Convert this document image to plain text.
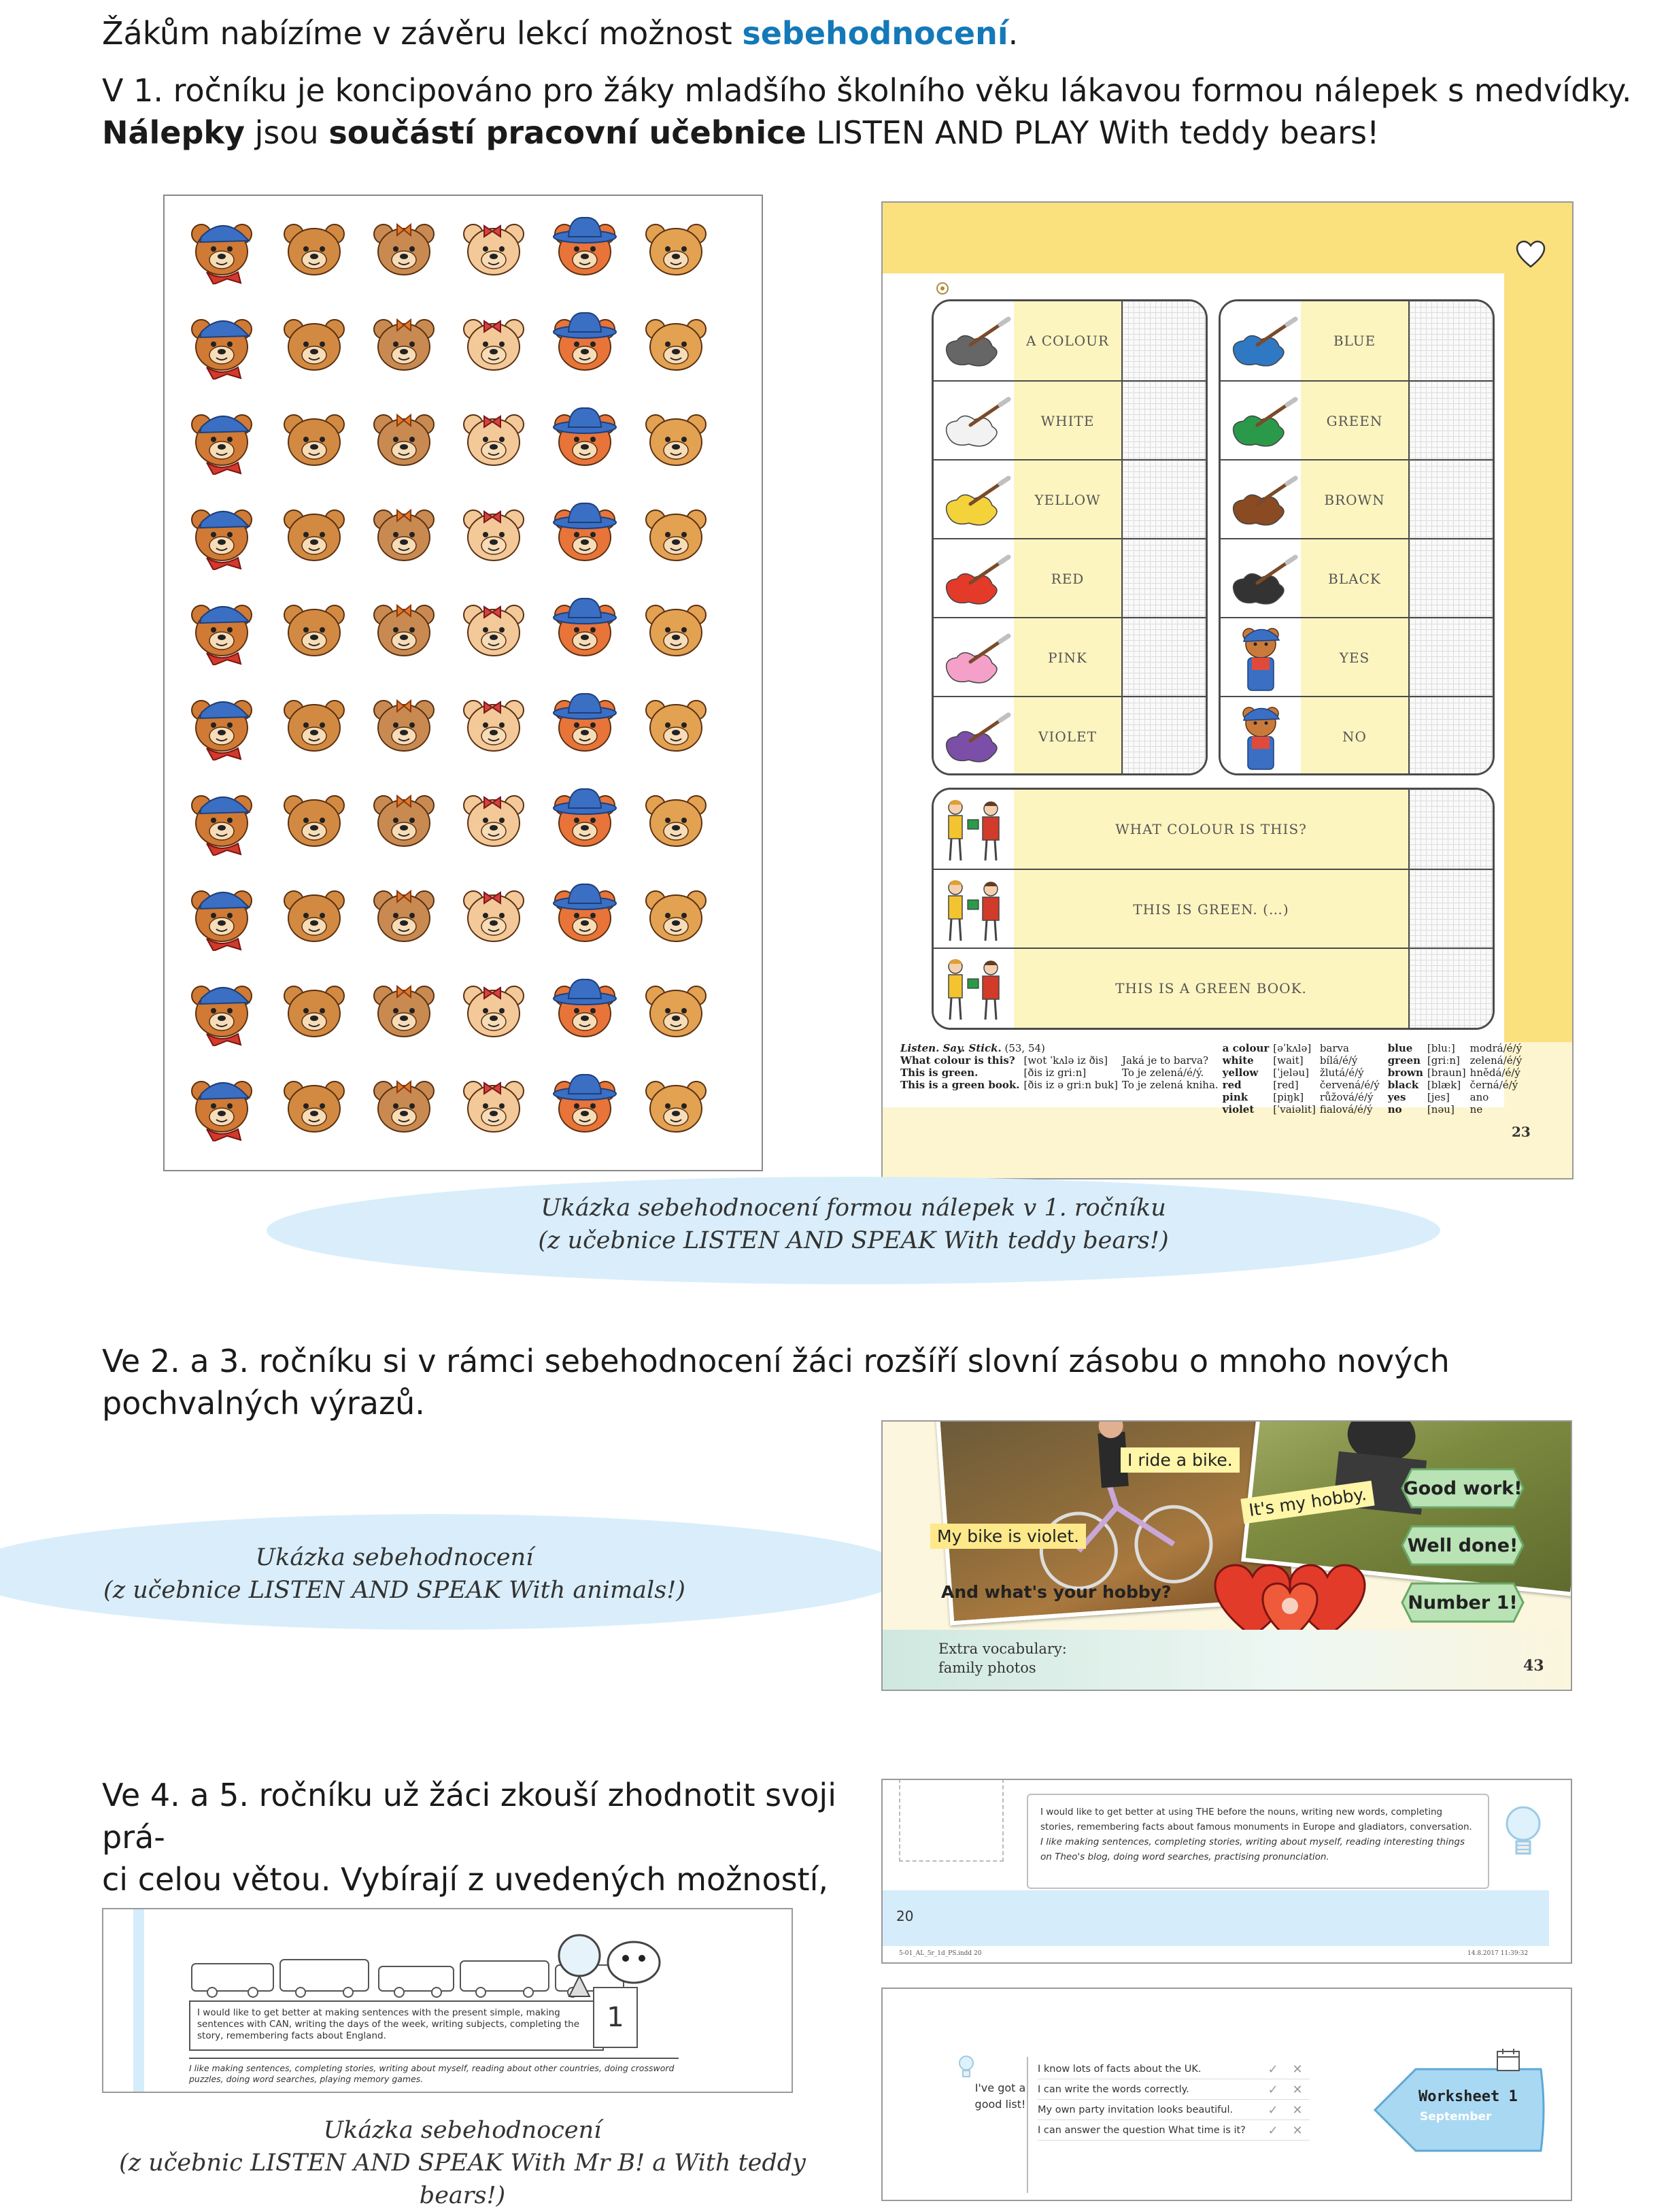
Žákům nabízíme v závěru lekcí možnost sebehodnocení.
V 1. ročníku je koncipováno pro žáky mladšího školního věku lákavou formou nálepek s medvídky.
Nálepky jsou součástí pracovní učebnice LISTEN AND PLAY With teddy bears!
A COLOUR
WHITE
YELLOW
RED
PINK
VIOLET
BLUE
GREEN
BROWN
BLACK
YES
NO
WHAT COLOUR IS THIS?
THIS IS GREEN. (…)
THIS IS A GREEN BOOK.
Listen. Say. Stick. (53, 54)			a colour	[əˈkʌlə]	barva		blue	[bluː]	modrá/é/ý
What colour is this?	[wot ˈkʌlə iz ðis]	Jaká je to barva?	white	[wait]	bílá/é/ý		green	[griːn]	zelená/é/ý
This is green.	[ðis iz griːn]	To je zelená/é/ý.	yellow	[ˈjeləu]	žlutá/é/ý		brown	[braun]	hnědá/é/ý
This is a green book.	[ðis iz ə griːn buk]	To je zelená kniha.	red	[red]	červená/é/ý		black	[blæk]	černá/é/ý
			pink	[piŋk]	růžová/é/ý		yes	[jes]	ano
			violet	[ˈvaiəlit]	fialová/é/ý		no	[nəu]	ne
23
Ukázka sebehodnocení formou nálepek v 1. ročníku
(z učebnice LISTEN AND SPEAK With teddy bears!)
Ve 2. a 3. ročníku si v rámci sebehodnocení žáci rozšíří slovní zásobu o mnoho nových pochvalných výrazů.
Ukázka sebehodnocení
(z učebnice LISTEN AND SPEAK With animals!)
I ride a bike.
My bike is violet.
It's my hobby.
And what's your hobby?
Good work!
Well done!
Number 1!
Extra vocabulary:
family photos	43
Ve 4. a 5. ročníku už žáci zkouší zhodnotit svoji prá-
ci celou větou. Vybírají z uvedených možností,
I would like to get better at using THE before the nouns, writing new words, completing stories, remembering facts about famous monuments in Europe and gladiators, conversation.
I like making sentences, completing stories, writing about myself, reading interesting things on Theo's blog, doing word searches, practising pronunciation.
20
5-01_AL_5r_1d_PS.indd 20	14.8.2017 11:39:32
I would like to get better at making sentences with the present simple, making sentences with CAN, writing the days of the week, writing subjects, completing the story, remembering facts about England.
1
I like making sentences, completing stories, writing about myself, reading about other countries, doing crossword puzzles, doing word searches, playing memory games.
Ukázka sebehodnocení
(z učebnic LISTEN AND SPEAK With Mr B! a With teddy bears!)
I've got a good list!
I know lots of facts about the UK.	✓	✕
I can write the words correctly.	✓	✕
My own party invitation looks beautiful.	✓	✕
I can answer the question What time is it?	✓	✕
Worksheet 1
September
